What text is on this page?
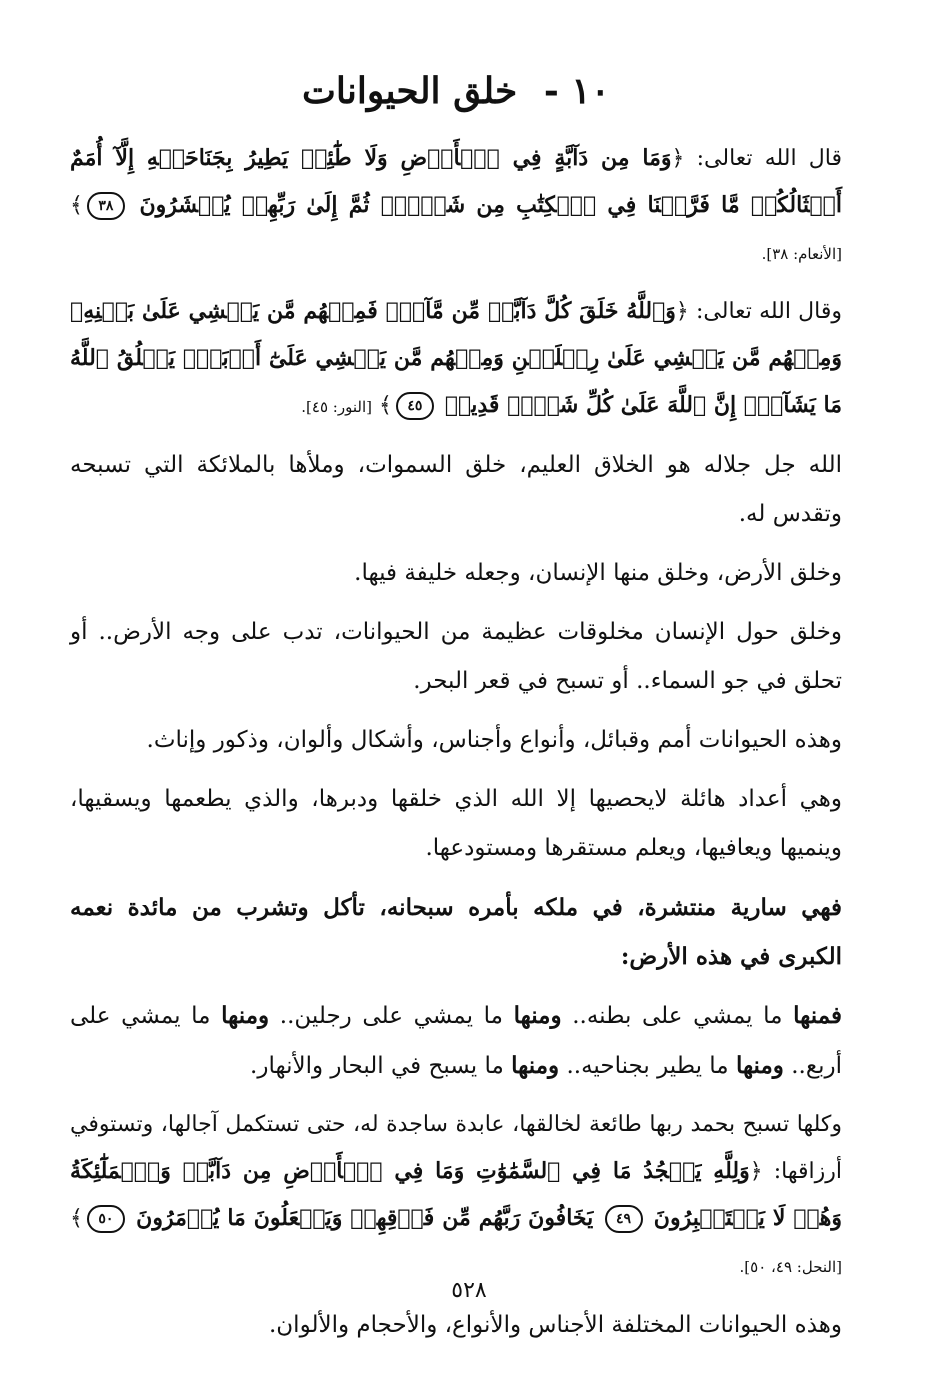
١٠ - خلق الحيوانات

قال الله تعالى: ﴿وَمَا مِن دَآبَّةٍ فِي ٱلۡأَرۡضِ وَلَا طَٰٓئِرٖ يَطِيرُ بِجَنَاحَيۡهِ إِلَّآ أُمَمٌ أَمۡثَالُكُمۚ مَّا فَرَّطۡنَا فِي ٱلۡكِتَٰبِ مِن شَيۡءٖۚ ثُمَّ إِلَىٰ رَبِّهِمۡ يُحۡشَرُونَ ٣٨﴾ [الأنعام: ٣٨].

وقال الله تعالى: ﴿وَٱللَّهُ خَلَقَ كُلَّ دَآبَّةٖ مِّن مَّآءٖۖ فَمِنۡهُم مَّن يَمۡشِي عَلَىٰ بَطۡنِهِۦ وَمِنۡهُم مَّن يَمۡشِي عَلَىٰ رِجۡلَيۡنِ وَمِنۡهُم مَّن يَمۡشِي عَلَىٰٓ أَرۡبَعٖۚ يَخۡلُقُ ٱللَّهُ مَا يَشَآءُۚ إِنَّ ٱللَّهَ عَلَىٰ كُلِّ شَيۡءٖ قَدِيرٞ ٤٥﴾ [النور: ٤٥].

الله جل جلاله هو الخلاق العليم، خلق السموات، وملأها بالملائكة التي تسبحه وتقدس له.

وخلق الأرض، وخلق منها الإنسان، وجعله خليفة فيها.

وخلق حول الإنسان مخلوقات عظيمة من الحيوانات، تدب على وجه الأرض.. أو تحلق في جو السماء.. أو تسبح في قعر البحر.

وهذه الحيوانات أمم وقبائل، وأنواع وأجناس، وأشكال وألوان، وذكور وإناث.

وهي أعداد هائلة لايحصيها إلا الله الذي خلقها ودبرها، والذي يطعمها ويسقيها، وينميها ويعافيها، ويعلم مستقرها ومستودعها.

فهي سارية منتشرة، في ملكه بأمره سبحانه، تأكل وتشرب من مائدة نعمه الكبرى في هذه الأرض:

فمنها ما يمشي على بطنه.. ومنها ما يمشي على رجلين.. ومنها ما يمشي على أربع.. ومنها ما يطير بجناحيه.. ومنها ما يسبح في البحار والأنهار.

وكلها تسبح بحمد ربها طائعة لخالقها، عابدة ساجدة له، حتى تستكمل آجالها، وتستوفي أرزاقها: ﴿وَلِلَّهِ يَسۡجُدُ مَا فِي ٱلسَّمَٰوَٰتِ وَمَا فِي ٱلۡأَرۡضِ مِن دَآبَّةٖ وَٱلۡمَلَٰٓئِكَةُ وَهُمۡ لَا يَسۡتَكۡبِرُونَ ٤٩ يَخَافُونَ رَبَّهُم مِّن فَوۡقِهِمۡ وَيَفۡعَلُونَ مَا يُؤۡمَرُونَ ٥٠﴾ [النحل: ٤٩، ٥٠].

وهذه الحيوانات المختلفة الأجناس والأنواع، والأحجام والألوان.

٥٢٨
